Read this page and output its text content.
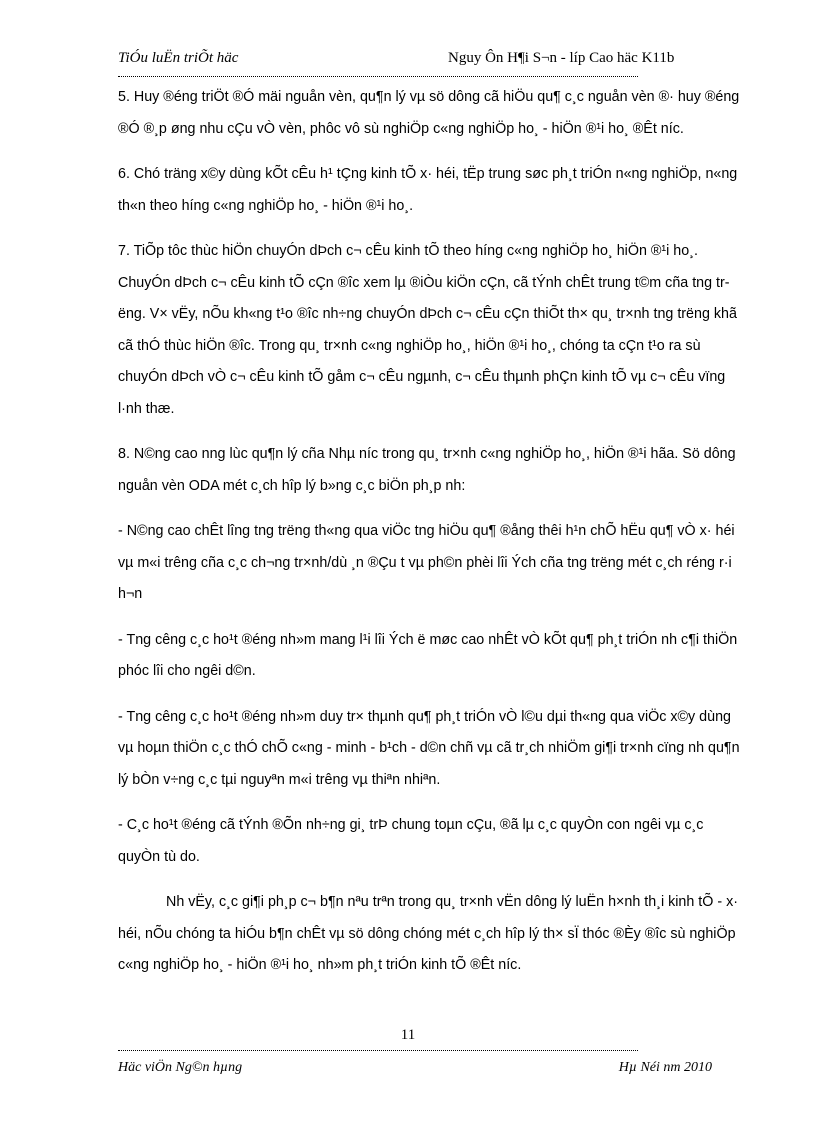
TiÓu luËn triÕt häc	Nguy Ôn H¶i S¬n - líp Cao häc K11b

5. Huy ®éng triÖt ®Ó mäi nguån vèn, qu¶n lý vµ sö dông cã hiÖu qu¶ c¸c nguån vèn ®· huy ®éng ®Ó ®¸p øng nhu cÇu vÒ vèn, phôc vô sù nghiÖp c«ng nghiÖp ho¸ - hiÖn ®¹i ho¸ ®Êt níc.

6. Chó träng x©y dùng kÕt cÊu h¹ tÇng kinh tÕ x· héi, tËp trung søc ph¸t triÓn n«ng nghiÖp, n«ng th«n theo híng c«ng nghiÖp ho¸ - hiÖn ®¹i ho¸.

7. TiÕp tôc thùc hiÖn chuyÓn dÞch c¬ cÊu kinh tÕ theo híng c«ng nghiÖp ho¸ hiÖn ®¹i ho¸. ChuyÓn dÞch c¬ cÊu kinh tÕ cÇn ®îc xem lµ ®iÒu kiÖn cÇn, cã tÝnh chÊt trung t©m cña tng trëng. V× vËy, nÕu kh«ng t¹o ®îc nh÷ng chuyÓn dÞch c¬ cÊu cÇn thiÕt th× qu¸ tr×nh tng trëng khã cã thÓ thùc hiÖn ®îc. Trong qu¸ tr×nh c«ng nghiÖp ho¸, hiÖn ®¹i ho¸, chóng ta cÇn t¹o ra sù chuyÓn dÞch vÒ c¬ cÊu kinh tÕ gåm c¬ cÊu ngµnh, c¬ cÊu thµnh phÇn kinh tÕ vµ c¬ cÊu vïng l·nh thæ.

8. N©ng cao nng lùc qu¶n lý cña Nhµ níc trong qu¸ tr×nh c«ng nghiÖp ho¸, hiÖn ®¹i hãa. Sö dông nguån vèn ODA mét c¸ch hîp lý b»ng c¸c biÖn ph¸p nh:

- N©ng cao chÊt lîng tng trëng th«ng qua viÖc tng hiÖu qu¶ ®ång thêi h¹n chÕ hËu qu¶ vÒ x· héi vµ m«i trêng cña c¸c ch¬ng tr×nh/dù ¸n ®Çu t vµ ph©n phèi lîi Ých cña tng trëng mét c¸ch réng r·i h¬n

- Tng cêng c¸c ho¹t ®éng nh»m mang l¹i lîi Ých ë møc cao nhÊt vÒ kÕt qu¶ ph¸t triÓn nh c¶i thiÖn phóc lîi cho ngêi d©n.

- Tng cêng c¸c ho¹t ®éng nh»m duy tr× thµnh qu¶ ph¸t triÓn vÒ l©u dµi th«ng qua viÖc x©y dùng vµ hoµn thiÖn c¸c thÓ chÕ c«ng - minh - b¹ch - d©n chñ vµ cã tr¸ch nhiÖm gi¶i tr×nh cïng nh qu¶n lý bÒn v÷ng c¸c tµi nguyªn m«i trêng vµ thiªn nhiªn.

- C¸c ho¹t ®éng cã tÝnh ®Õn nh÷ng gi¸ trÞ chung toµn cÇu, ®ã lµ c¸c quyÒn con ngêi vµ c¸c quyÒn tù do.

Nh vËy, c¸c gi¶i ph¸p c¬ b¶n nªu trªn trong qu¸ tr×nh vËn dông lý luËn h×nh th¸i kinh tÕ - x· héi, nÕu chóng ta hiÓu b¶n chÊt vµ sö dông chóng mét c¸ch hîp lý th× sÏ thóc ®Èy ®îc sù nghiÖp c«ng nghiÖp ho¸ - hiÖn ®¹i ho¸ nh»m ph¸t triÓn kinh tÕ ®Êt níc.

11
Häc viÖn Ng©n hµng	Hµ Néi nm 2010
